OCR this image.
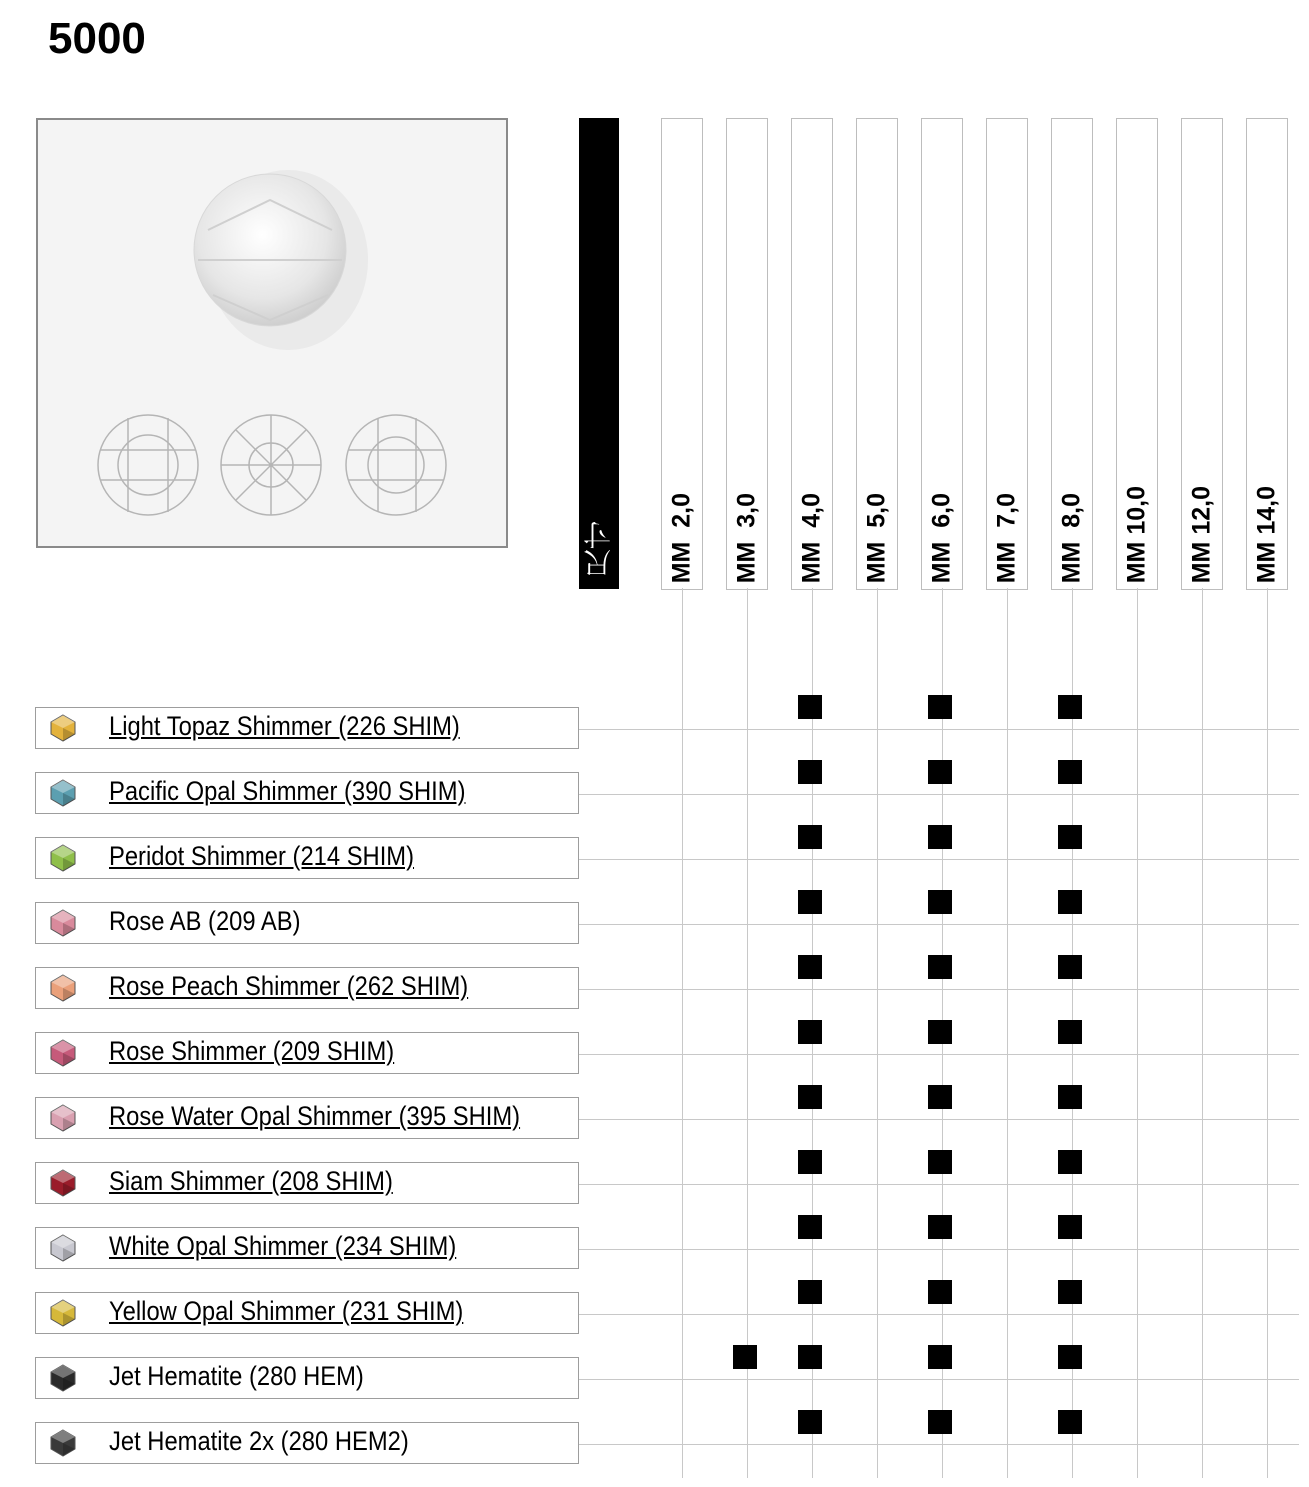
5000
尺寸 MM  2,0 MM  3,0 MM  4,0 MM  5,0 MM  6,0 MM  7,0 MM  8,0 MM 10,0 MM 12,0 MM 14,0
Light Topaz Shimmer (226 SHIM)
Pacific Opal Shimmer (390 SHIM)
Peridot Shimmer (214 SHIM)
Rose AB (209 AB)
Rose Peach Shimmer (262 SHIM)
Rose Shimmer (209 SHIM)
Rose Water Opal Shimmer (395 SHIM)
Siam Shimmer (208 SHIM)
White Opal Shimmer (234 SHIM)
Yellow Opal Shimmer (231 SHIM)
Jet Hematite (280 HEM)
Jet Hematite 2x (280 HEM2)
